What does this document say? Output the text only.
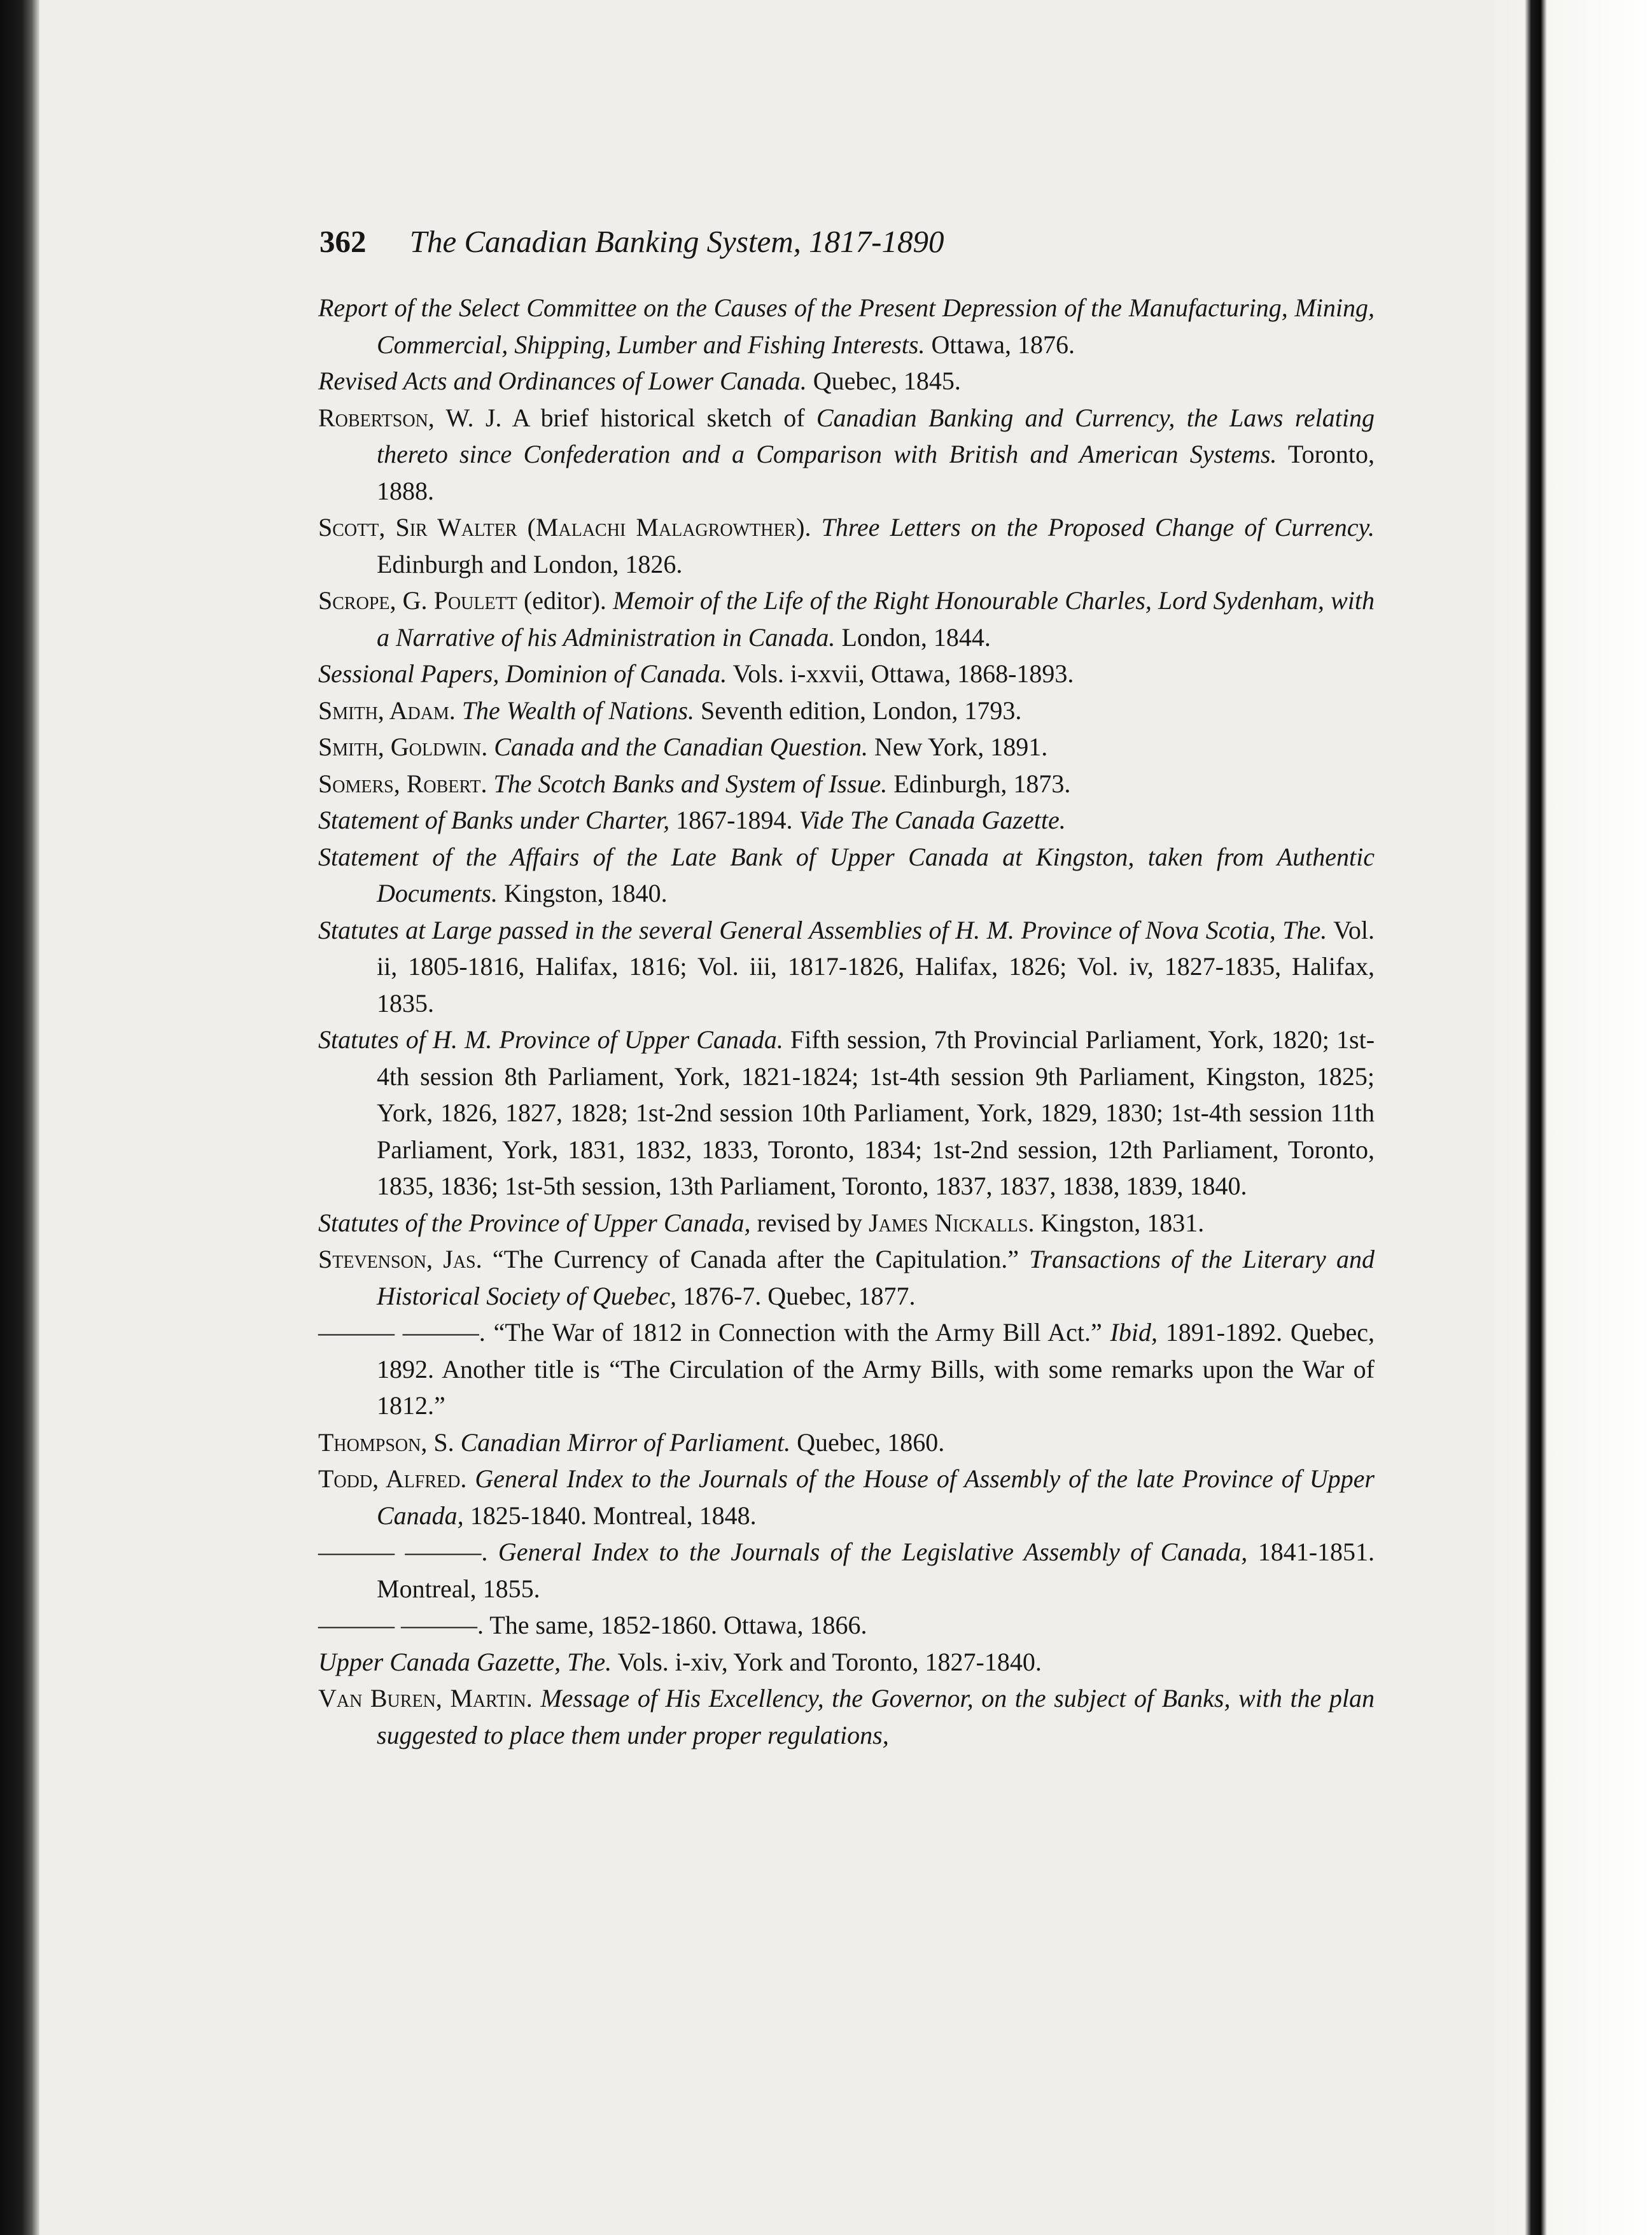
362 The Canadian Banking System, 1817-1890
Report of the Select Committee on the Causes of the Present Depression of the Manufacturing, Mining, Commercial, Shipping, Lumber and Fishing Interests. Ottawa, 1876.
Revised Acts and Ordinances of Lower Canada. Quebec, 1845.
Robertson, W. J. A brief historical sketch of Canadian Banking and Currency, the Laws relating thereto since Confederation and a Comparison with British and American Systems. Toronto, 1888.
Scott, Sir Walter (Malachi Malagrowther). Three Letters on the Proposed Change of Currency. Edinburgh and London, 1826.
Scrope, G. Poulett (editor). Memoir of the Life of the Right Honourable Charles, Lord Sydenham, with a Narrative of his Administration in Canada. London, 1844.
Sessional Papers, Dominion of Canada. Vols. i-xxvii, Ottawa, 1868-1893.
Smith, Adam. The Wealth of Nations. Seventh edition, London, 1793.
Smith, Goldwin. Canada and the Canadian Question. New York, 1891.
Somers, Robert. The Scotch Banks and System of Issue. Edinburgh, 1873.
Statement of Banks under Charter, 1867-1894. Vide The Canada Gazette.
Statement of the Affairs of the Late Bank of Upper Canada at Kingston, taken from Authentic Documents. Kingston, 1840.
Statutes at Large passed in the several General Assemblies of H. M. Province of Nova Scotia, The. Vol. ii, 1805-1816, Halifax, 1816; Vol. iii, 1817-1826, Halifax, 1826; Vol. iv, 1827-1835, Halifax, 1835.
Statutes of H. M. Province of Upper Canada. Fifth session, 7th Provincial Parliament, York, 1820; 1st-4th session 8th Parliament, York, 1821-1824; 1st-4th session 9th Parliament, Kingston, 1825; York, 1826, 1827, 1828; 1st-2nd session 10th Parliament, York, 1829, 1830; 1st-4th session 11th Parliament, York, 1831, 1832, 1833, Toronto, 1834; 1st-2nd session, 12th Parliament, Toronto, 1835, 1836; 1st-5th session, 13th Parliament, Toronto, 1837, 1837, 1838, 1839, 1840.
Statutes of the Province of Upper Canada, revised by James Nickalls. Kingston, 1831.
Stevenson, Jas. “The Currency of Canada after the Capitulation.” Transactions of the Literary and Historical Society of Quebec, 1876-7. Quebec, 1877.
——— ———. “The War of 1812 in Connection with the Army Bill Act.” Ibid, 1891-1892. Quebec, 1892. Another title is “The Circulation of the Army Bills, with some remarks upon the War of 1812.”
Thompson, S. Canadian Mirror of Parliament. Quebec, 1860.
Todd, Alfred. General Index to the Journals of the House of Assembly of the late Province of Upper Canada, 1825-1840. Montreal, 1848.
——— ———. General Index to the Journals of the Legislative Assembly of Canada, 1841-1851. Montreal, 1855.
——— ———. The same, 1852-1860. Ottawa, 1866.
Upper Canada Gazette, The. Vols. i-xiv, York and Toronto, 1827-1840.
Van Buren, Martin. Message of His Excellency, the Governor, on the subject of Banks, with the plan suggested to place them under proper regulations,
